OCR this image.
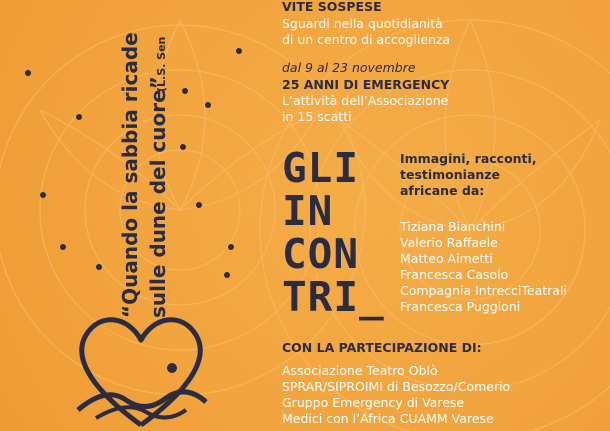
“Quando la sabbia ricade sulle dune del cuore”
(L.S. Sen
VITE SOSPESE
Sguardi nella quotidianità
di un centro di accoglienza
dal 9 al 23 novembre
25 ANNI DI EMERGENCY
L’attività dell’Associazione
in 15 scatti
GLI
IN
CON
TRI_
Immagini, racconti,
testimonianze
africane da:
Tiziana Bianchini
Valerio Raffaele
Matteo Aimetti
Francesca Casolo
Compagnia IntrecciTeatrali
Francesca Puggioni
CON LA PARTECIPAZIONE DI:
Associazione Teatro Oblò
SPRAR/SIPROIMI di Besozzo/Comerio
Gruppo Emergency di Varese
Medici con l’Africa CUAMM Varese
